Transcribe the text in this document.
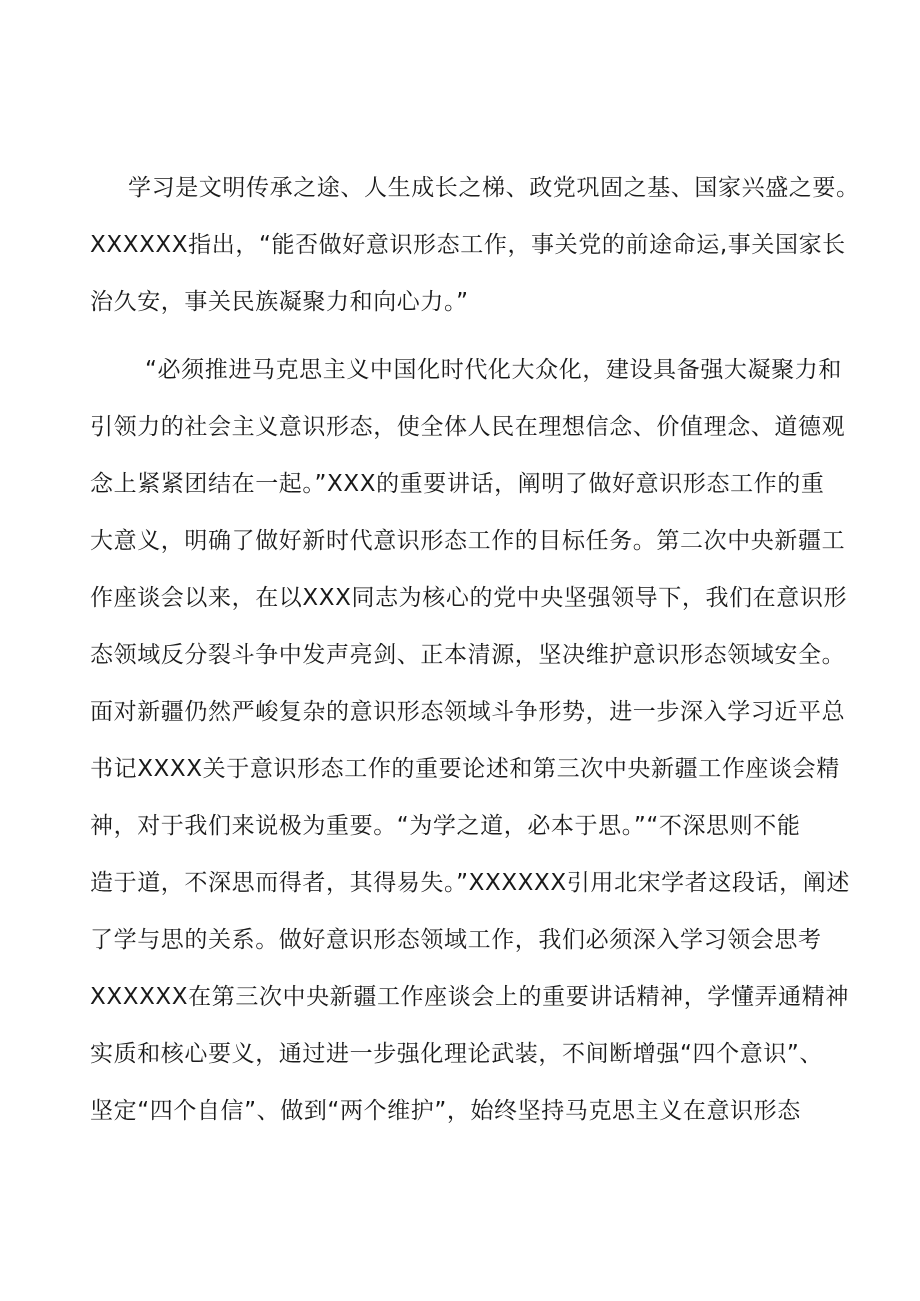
学习是文明传承之途、人生成长之梯、政党巩固之基、国家兴盛之要。
XXXXXX指出，“能否做好意识形态工作，事关党的前途命运,事关国家长
治久安，事关民族凝聚力和向心力。”
“必须推进马克思主义中国化时代化大众化，建设具备强大凝聚力和
引领力的社会主义意识形态，使全体人民在理想信念、价值理念、道德观
念上紧紧团结在一起。”XXX的重要讲话，阐明了做好意识形态工作的重
大意义，明确了做好新时代意识形态工作的目标任务。第二次中央新疆工
作座谈会以来，在以XXX同志为核心的党中央坚强领导下，我们在意识形
态领域反分裂斗争中发声亮剑、正本清源，坚决维护意识形态领域安全。
面对新疆仍然严峻复杂的意识形态领域斗争形势，进一步深入学习近平总
书记XXXX关于意识形态工作的重要论述和第三次中央新疆工作座谈会精
神，对于我们来说极为重要。“为学之道，必本于思。”“不深思则不能
造于道，不深思而得者，其得易失。”XXXXXX引用北宋学者这段话，阐述
了学与思的关系。做好意识形态领域工作，我们必须深入学习领会思考
XXXXXX在第三次中央新疆工作座谈会上的重要讲话精神，学懂弄通精神
实质和核心要义，通过进一步强化理论武装，不间断增强“四个意识”、
坚定“四个自信”、做到“两个维护”，始终坚持马克思主义在意识形态
